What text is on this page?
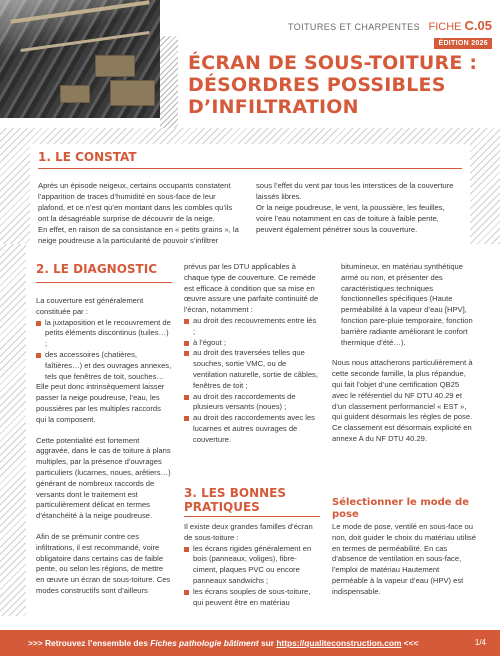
TOITURES ET CHARPENTES FICHE C.05
ÉDITION 2026
ÉCRAN DE SOUS-TOITURE :
DÉSORDRES POSSIBLES
D’INFILTRATION
1. LE CONSTAT

Après un épisode neigeux, certains occupants constatent l’apparition de traces d’humidité en sous-face de leur plafond, et ce n’est qu’en montant dans les combles qu’ils ont la désagréable surprise de découvrir de la neige.

En effet, en raison de sa consistance en « petits grains », la neige poudreuse a la particularité de pouvoir s’infiltrer

sous l’effet du vent par tous les interstices de la couverture laissés libres.

Or la neige poudreuse, le vent, la poussière, les feuilles, voire l’eau notamment en cas de toiture à faible pente, peuvent également pénétrer sous la couverture.

2. LE DIAGNOSTIC

La couverture est généralement constituée par :

la juxtaposition et le recouvrement de petits éléments discontinus (tuiles…) ;

des accessoires (chatières, faîtières…) et des ouvrages annexes, tels que fenêtres de toit, souches…

Elle peut donc intrinsèquement laisser passer la neige poudreuse, l’eau, les poussières par les multiples raccords qui la composent.

Cette potentialité est fortement aggravée, dans le cas de toiture à plans multiples, par la présence d’ouvrages particuliers (lucarnes, noues, arêtiers…) générant de nombreux raccords de versants dont le traitement est particulièrement délicat en termes d’étanchéité à la neige poudreuse.

Afin de se prémunir contre ces infiltrations, il est recommandé, voire obligatoire dans certains cas de faible pente, ou selon les régions, de mettre en œuvre un écran de sous-toiture. Ces modes constructifs sont d’ailleurs

prévus par les DTU applicables à chaque type de couverture. Ce remède est efficace à condition que sa mise en œuvre assure une parfaite continuité de l’écran, notamment :

au droit des recouvrements entre lés ;

à l’égout ;

au droit des traversées telles que souches, sortie VMC, ou de ventilation naturelle, sortie de câbles, fenêtres de toit ;

au droit des raccordements de plusieurs versants (noues) ;

au droit des raccordements avec les lucarnes et autres ouvrages de couverture.

3. LES BONNES
PRATIQUES

Il existe deux grandes familles d’écran de sous-toiture :

les écrans rigides généralement en bois (panneaux, voliges), fibre-ciment, plaques PVC ou encore panneaux sandwichs ;

les écrans souples de sous-toiture, qui peuvent être en matériau

bitumineux, en matériau synthétique armé ou non, et présenter des caractéristiques techniques fonctionnelles spécifiques (Haute perméabilité à la vapeur d’eau [HPV], fonction pare-pluie temporaire, fonction barrière radiante améliorant le confort thermique d’été…).

Nous nous attacherons particulièrement à cette seconde famille, la plus répandue, qui fait l’objet d’une certification QB25 avec le référentiel du NF DTU 40.29 et d’un classement performanciel « EST », qui guident désormais les règles de pose. Ce classement est désormais explicité en annexe A du NF DTU 40.29.

Sélectionner le mode de pose

Le mode de pose, ventilé en sous-face ou non, doit guider le choix du matériau utilisé en termes de perméabilité. En cas d’absence de ventilation en sous-face, l’emploi de matériau Hautement perméable à la vapeur d’eau (HPV) est indispensable.

>>> Retrouvez l’ensemble des Fiches pathologie bâtiment sur https://qualiteconstruction.com <<<	1/4
